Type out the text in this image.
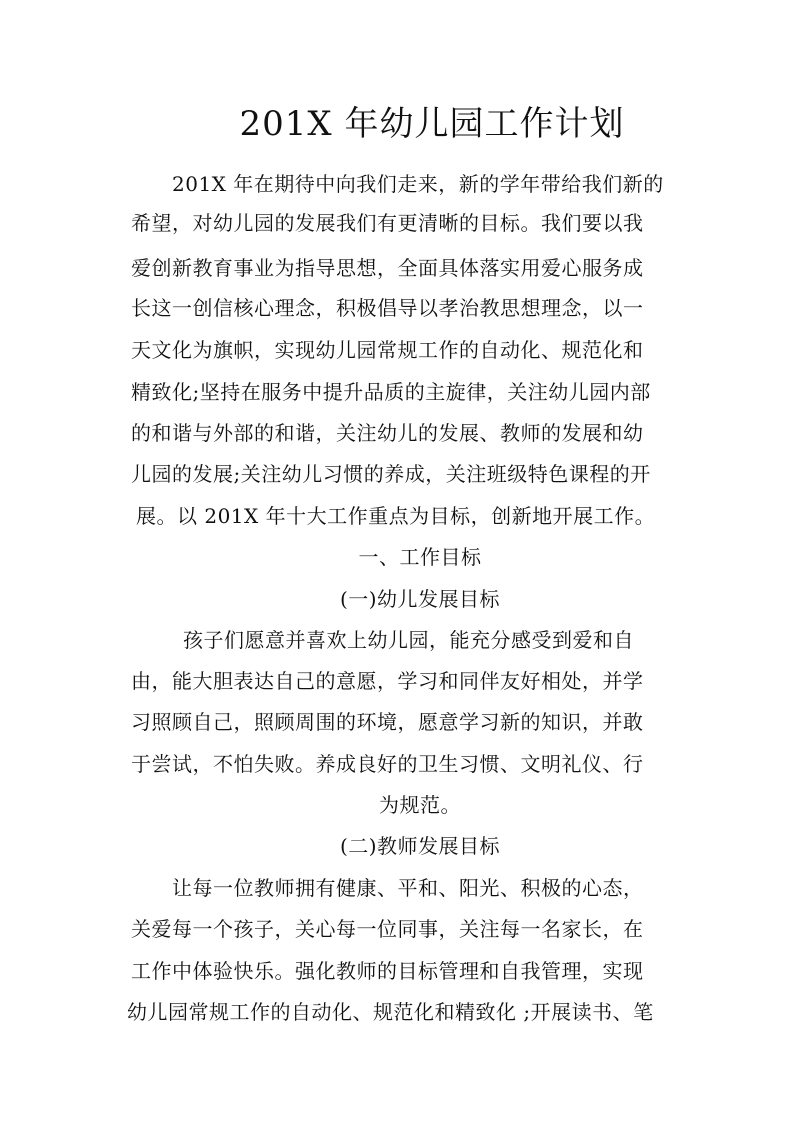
201X 年幼儿园工作计划
201X 年在期待中向我们走来，新的学年带给我们新的
希望，对幼儿园的发展我们有更清晰的目标。我们要以我
爱创新教育事业为指导思想，全面具体落实用爱心服务成
长这一创信核心理念，积极倡导以孝治教思想理念，以一
天文化为旗帜，实现幼儿园常规工作的自动化、规范化和
精致化;坚持在服务中提升品质的主旋律，关注幼儿园内部
的和谐与外部的和谐，关注幼儿的发展、教师的发展和幼
儿园的发展;关注幼儿习惯的养成，关注班级特色课程的开
展。以 201X 年十大工作重点为目标，创新地开展工作。
一、工作目标
(一)幼儿发展目标
孩子们愿意并喜欢上幼儿园，能充分感受到爱和自
由，能大胆表达自己的意愿，学习和同伴友好相处，并学
习照顾自己，照顾周围的环境，愿意学习新的知识，并敢
于尝试，不怕失败。养成良好的卫生习惯、文明礼仪、行
为规范。
(二)教师发展目标
让每一位教师拥有健康、平和、阳光、积极的心态，
关爱每一个孩子，关心每一位同事，关注每一名家长，在
工作中体验快乐。强化教师的目标管理和自我管理，实现
幼儿园常规工作的自动化、规范化和精致化 ;开展读书、笔
